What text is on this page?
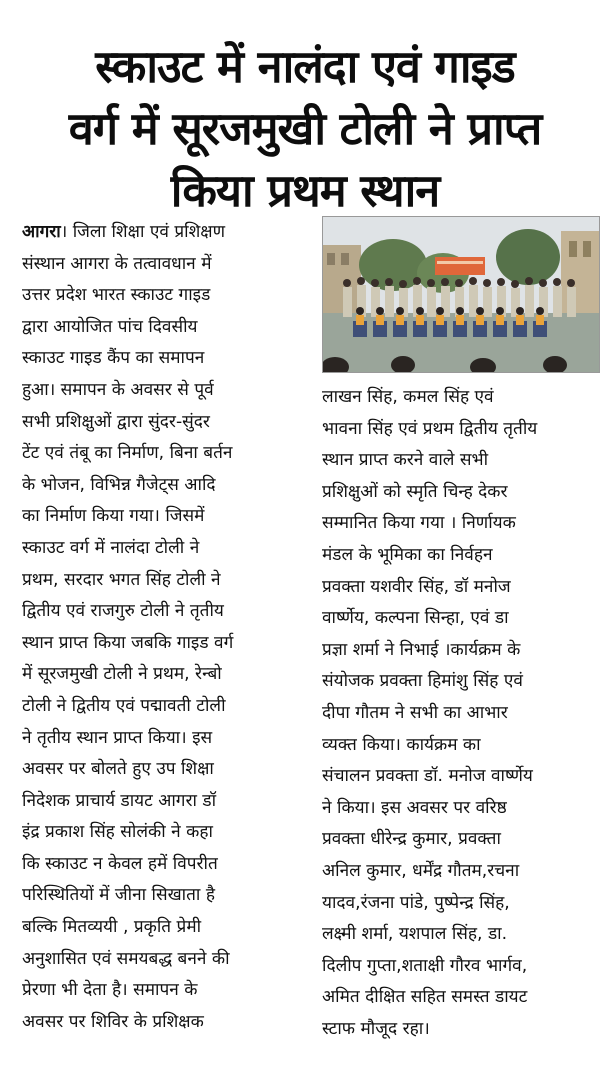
स्काउट में नालंदा एवं गाइड
वर्ग में सूरजमुखी टोली ने प्राप्त
किया प्रथम स्थान
आगरा। जिला शिक्षा एवं प्रशिक्षण
संस्थान आगरा के तत्वावधान में
उत्तर प्रदेश भारत स्काउट गाइड
द्वारा आयोजित पांच दिवसीय
स्काउट गाइड कैंप का समापन
हुआ। समापन के अवसर से पूर्व
सभी प्रशिक्षुओं द्वारा सुंदर-सुंदर
टेंट एवं तंबू का निर्माण, बिना बर्तन
के भोजन, विभिन्न गैजेट्स आदि
का निर्माण किया गया। जिसमें
स्काउट वर्ग में नालंदा टोली ने
प्रथम, सरदार भगत सिंह टोली ने
द्वितीय एवं राजगुरु टोली ने तृतीय
स्थान प्राप्त किया जबकि गाइड वर्ग
में सूरजमुखी टोली ने प्रथम, रेन्बो
टोली ने द्वितीय एवं पद्मावती टोली
ने तृतीय स्थान प्राप्त किया। इस
अवसर पर बोलते हुए उप शिक्षा
निदेशक प्राचार्य डायट आगरा डॉ
इंद्र प्रकाश सिंह सोलंकी ने कहा
कि स्काउट न केवल हमें विपरीत
परिस्थितियों में जीना सिखाता है
बल्कि मितव्ययी , प्रकृति प्रेमी
अनुशासित एवं समयबद्ध बनने की
प्रेरणा भी देता है। समापन के
अवसर पर शिविर के प्रशिक्षक
लाखन सिंह, कमल सिंह एवं
भावना सिंह एवं प्रथम द्वितीय तृतीय
स्थान प्राप्त करने वाले सभी
प्रशिक्षुओं को स्मृति चिन्ह देकर
सम्मानित किया गया । निर्णायक
मंडल के भूमिका का निर्वहन
प्रवक्ता यशवीर सिंह, डॉ मनोज
वार्ष्णेय, कल्पना सिन्हा, एवं डा
प्रज्ञा शर्मा ने निभाई ।कार्यक्रम के
संयोजक प्रवक्ता हिमांशु सिंह एवं
दीपा गौतम ने सभी का आभार
व्यक्त किया। कार्यक्रम का
संचालन प्रवक्ता डॉ. मनोज वार्ष्णेय
ने किया। इस अवसर पर वरिष्ठ
प्रवक्ता धीरेन्द्र कुमार, प्रवक्ता
अनिल कुमार, धर्मेंद्र गौतम,रचना
यादव,रंजना पांडे, पुष्पेन्द्र सिंह,
लक्ष्मी शर्मा, यशपाल सिंह, डा.
दिलीप गुप्ता,शताक्षी गौरव भार्गव,
अमित दीक्षित सहित समस्त डायट
स्टाफ मौजूद रहा।
